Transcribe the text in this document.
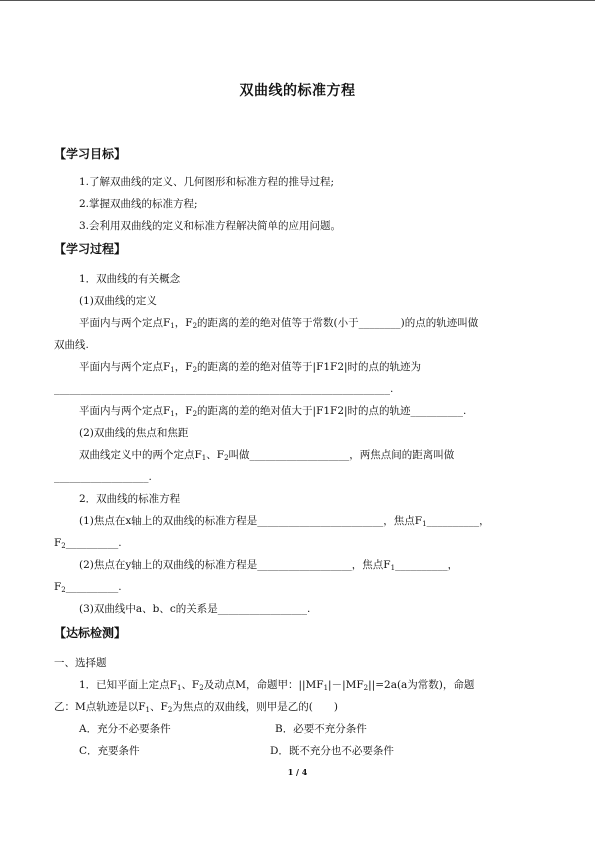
双曲线的标准方程
【学习目标】
1.了解双曲线的定义、几何图形和标准方程的推导过程;
2.掌握双曲线的标准方程;
3.会利用双曲线的定义和标准方程解决简单的应用问题。
【学习过程】
1．双曲线的有关概念
(1)双曲线的定义
平面内与两个定点$F_1$，$F_2$的距离的差的绝对值等于常数(小于________)的点的轨迹叫做
双曲线.
平面内与两个定点$F_1$，$F_2$的距离的差的绝对值等于|F1F2|时的点的轨迹为
________________________________________________________________.
平面内与两个定点$F_1$，$F_2$的距离的差的绝对值大于|F1F2|时的点的轨迹__________.
(2)双曲线的焦点和焦距
双曲线定义中的两个定点$F_1$、$F_2$叫做___________________，两焦点间的距离叫做
__________________.
2．双曲线的标准方程
(1)焦点在x轴上的双曲线的标准方程是________________________，焦点$F_1\_\_\_\_\_\_\_\_\_\_$，
$F_2\_\_\_\_\_\_\_\_\_\_$.
(2)焦点在y轴上的双曲线的标准方程是__________________，焦点$F_1\_\_\_\_\_\_\_\_\_\_$，
$F_2\_\_\_\_\_\_\_\_\_\_$.
(3)双曲线中a、b、c的关系是_________________.
【达标检测】
一、选择题
1．已知平面上定点$F_1$、$F_2$及动点M，命题甲：$||MF_1|-|MF_2||=2a(a$为常数)，命题
乙：M点轨迹是以$F_1$、$F_2$为焦点的双曲线，则甲是乙的(　　)
A．充分不必要条件	B．必要不充分条件
C．充要条件	D．既不充分也不必要条件
1 / 4
